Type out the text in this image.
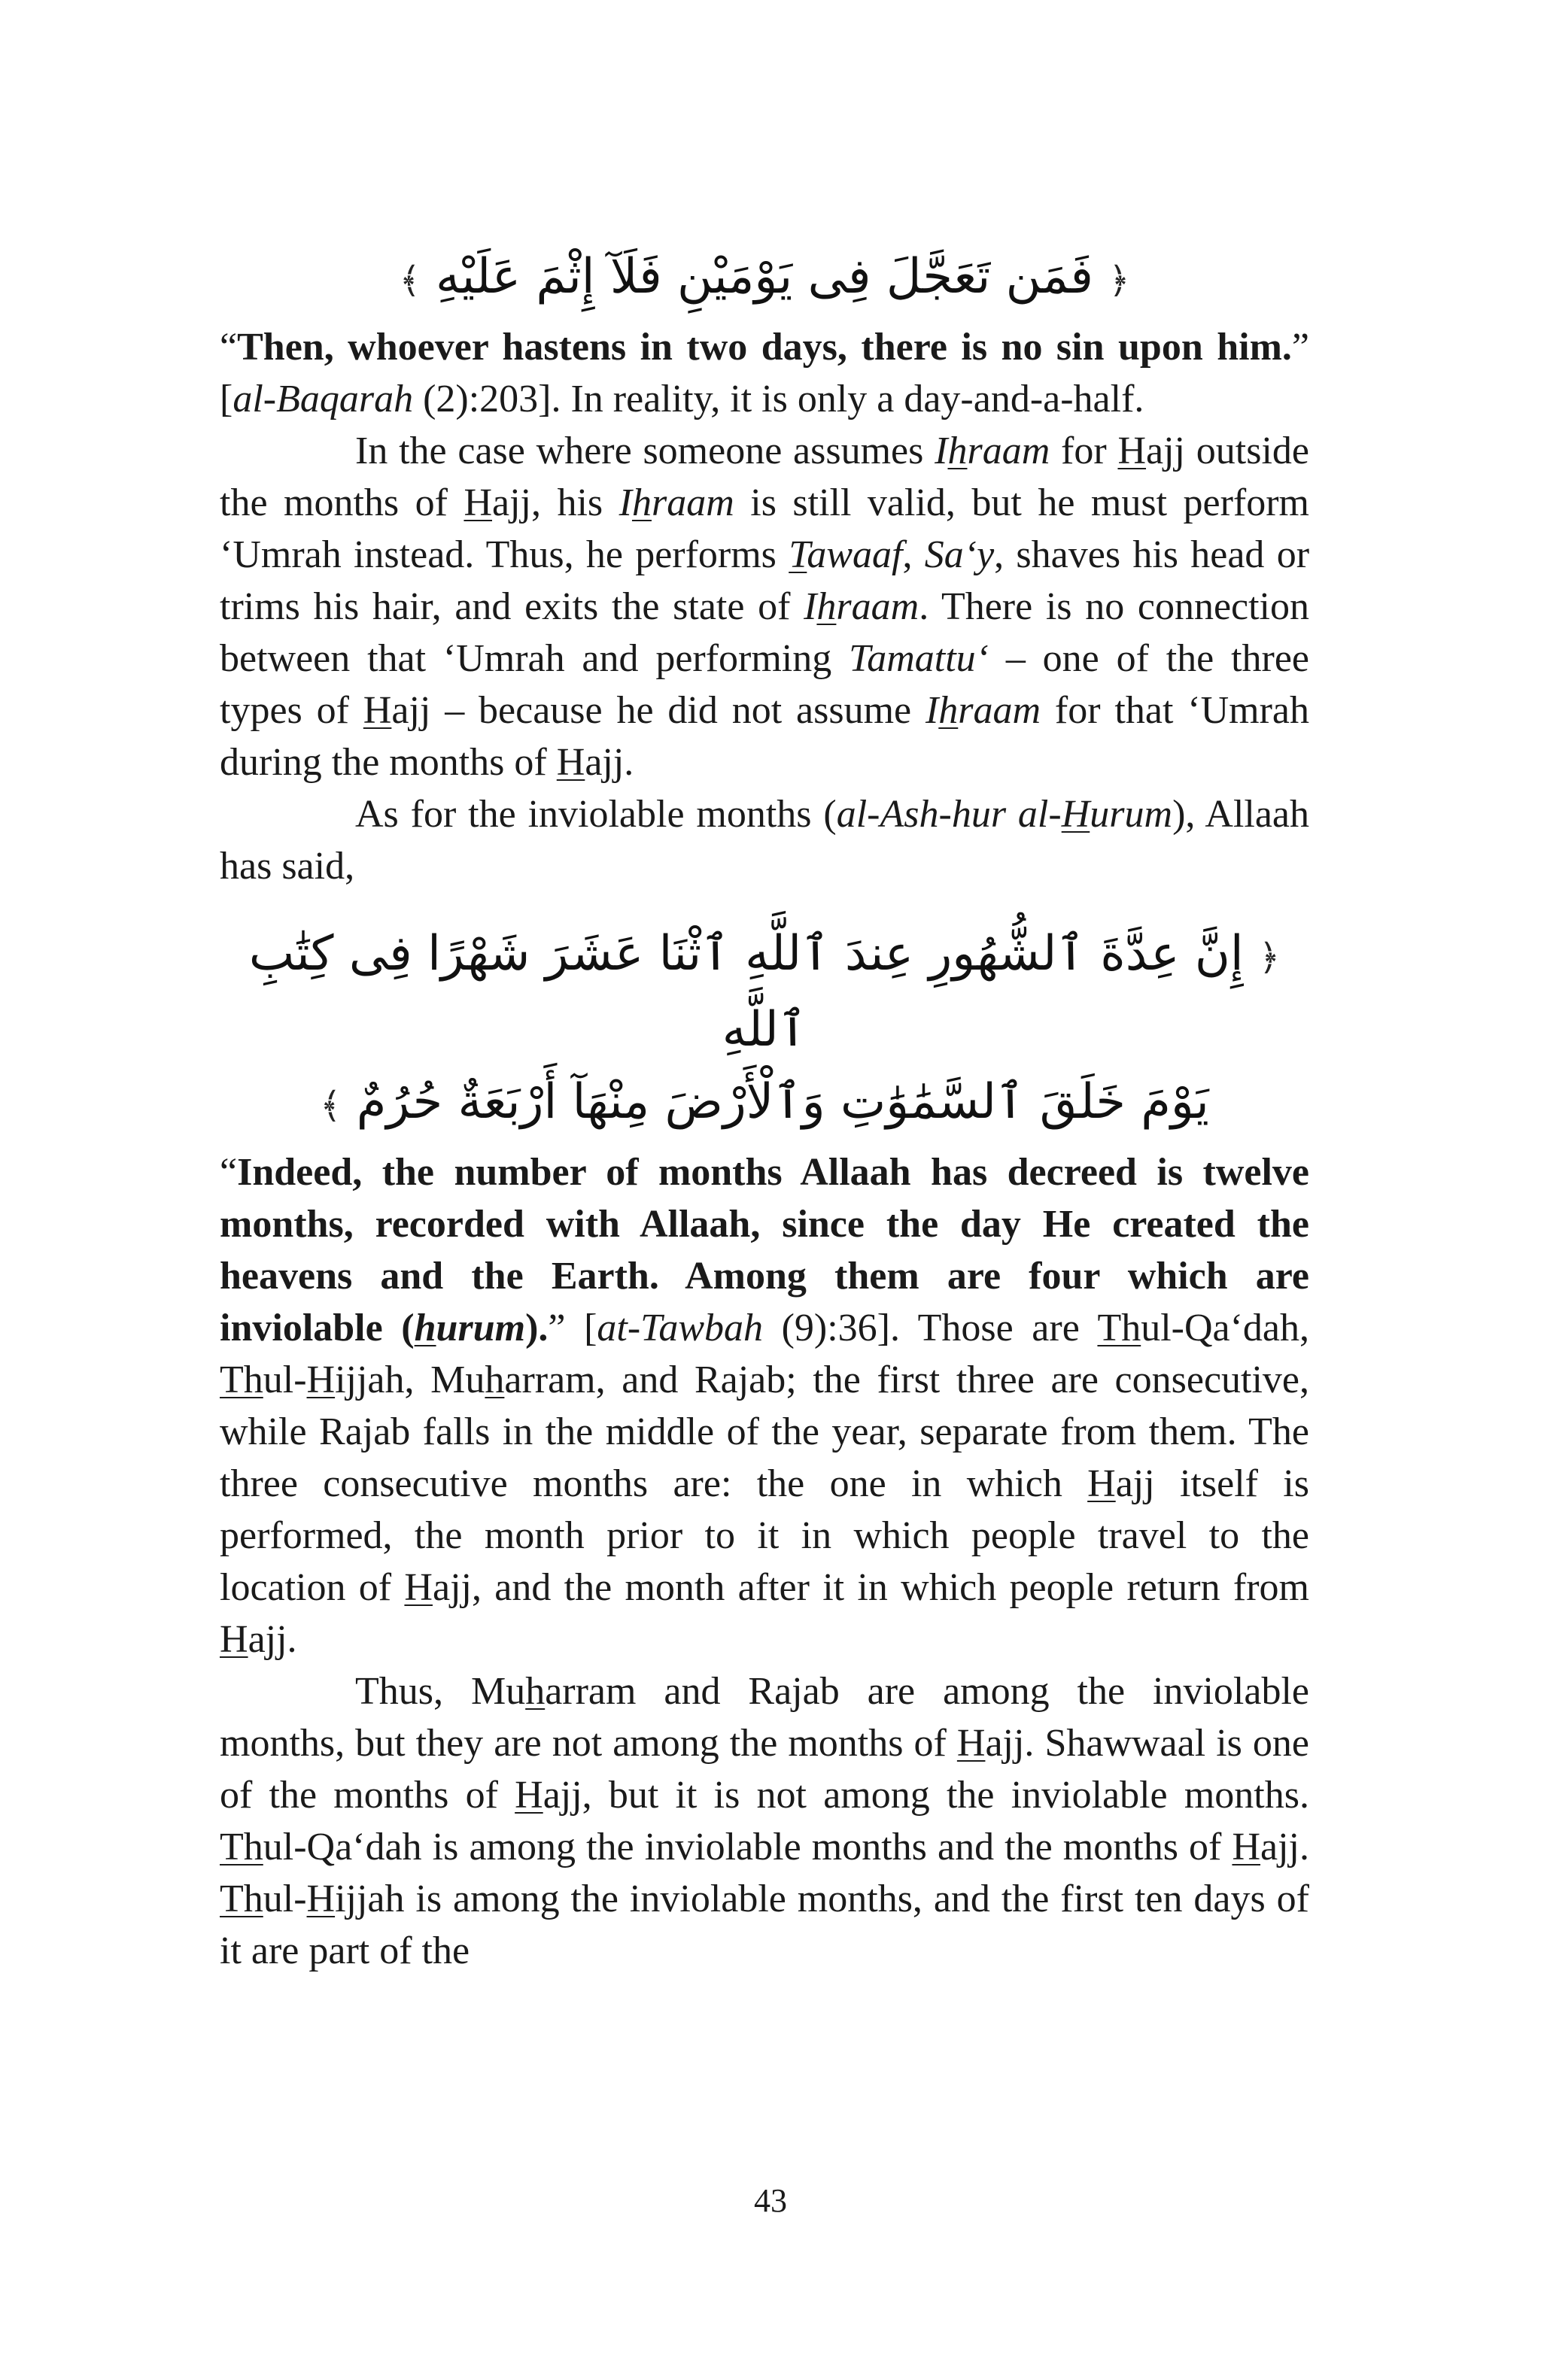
﴿ فَمَن تَعَجَّلَ فِى يَوْمَيْنِ فَلَآ إِثْمَ عَلَيْهِ ﴾

“Then, whoever hastens in two days, there is no sin upon him.” [al-Baqarah (2):203]. In reality, it is only a day-and-a-half.

In the case where someone assumes Ihraam for Hajj outside the months of Hajj, his Ihraam is still valid, but he must perform ‘Umrah instead. Thus, he performs Tawaaf, Sa‘y, shaves his head or trims his hair, and exits the state of Ihraam. There is no connection between that ‘Umrah and performing Tamattu‘ – one of the three types of Hajj – because he did not assume Ihraam for that ‘Umrah during the months of Hajj.

As for the inviolable months (al-Ash-hur al-Hurum), Allaah has said,

﴿ إِنَّ عِدَّةَ ٱلشُّهُورِ عِندَ ٱللَّهِ ٱثْنَا عَشَرَ شَهْرًا فِى كِتَٰبِ ٱللَّهِ
يَوْمَ خَلَقَ ٱلسَّمَٰوَٰتِ وَٱلْأَرْضَ مِنْهَآ أَرْبَعَةٌ حُرُمٌ ﴾

“Indeed, the number of months Allaah has decreed is twelve months, recorded with Allaah, since the day He created the heavens and the Earth. Among them are four which are inviolable (hurum).” [at-Tawbah (9):36]. Those are Thul-Qa‘dah, Thul-Hijjah, Muharram, and Rajab; the first three are consecutive, while Rajab falls in the middle of the year, separate from them. The three consecutive months are: the one in which Hajj itself is performed, the month prior to it in which people travel to the location of Hajj, and the month after it in which people return from Hajj.

Thus, Muharram and Rajab are among the inviolable months, but they are not among the months of Hajj. Shawwaal is one of the months of Hajj, but it is not among the inviolable months. Thul-Qa‘dah is among the inviolable months and the months of Hajj. Thul-Hijjah is among the inviolable months, and the first ten days of it are part of the

43
